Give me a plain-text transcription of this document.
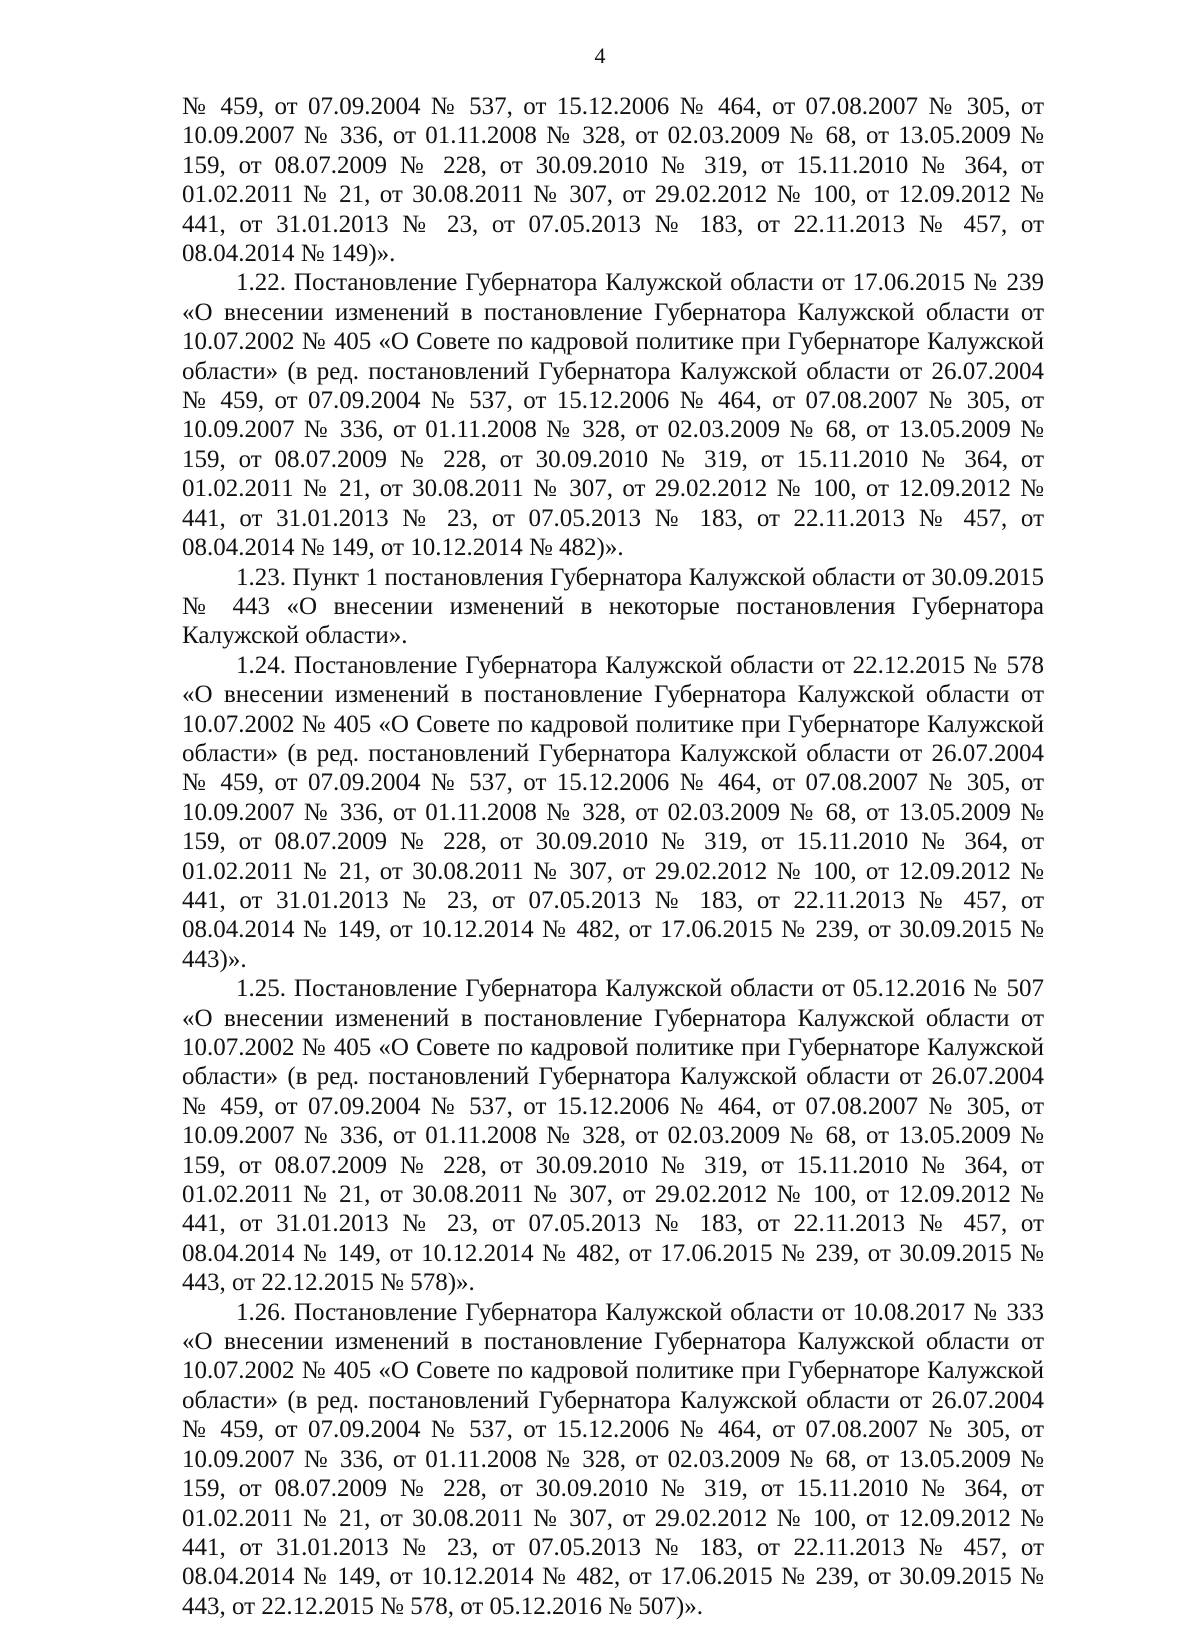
4

№ 459, от 07.09.2004 № 537, от 15.12.2006 № 464, от 07.08.2007 № 305, от 10.09.2007 № 336, от 01.11.2008 № 328, от 02.03.2009 № 68, от 13.05.2009 № 159, от 08.07.2009 № 228, от 30.09.2010 № 319, от 15.11.2010 № 364, от 01.02.2011 № 21, от 30.08.2011 № 307, от 29.02.2012 № 100, от 12.09.2012 № 441, от 31.01.2013 № 23, от 07.05.2013 № 183, от 22.11.2013 № 457, от 08.04.2014 № 149)».

1.22. Постановление Губернатора Калужской области от 17.06.2015 № 239 «О внесении изменений в постановление Губернатора Калужской области от 10.07.2002 № 405 «О Совете по кадровой политике при Губернаторе Калужской области» (в ред. постановлений Губернатора Калужской области от 26.07.2004 № 459, от 07.09.2004 № 537, от 15.12.2006 № 464, от 07.08.2007 № 305, от 10.09.2007 № 336, от 01.11.2008 № 328, от 02.03.2009 № 68, от 13.05.2009 № 159, от 08.07.2009 № 228, от 30.09.2010 № 319, от 15.11.2010 № 364, от 01.02.2011 № 21, от 30.08.2011 № 307, от 29.02.2012 № 100, от 12.09.2012 № 441, от 31.01.2013 № 23, от 07.05.2013 № 183, от 22.11.2013 № 457, от 08.04.2014 № 149, от 10.12.2014 № 482)».

1.23. Пункт 1 постановления Губернатора Калужской области от 30.09.2015 № 443 «О внесении изменений в некоторые постановления Губернатора Калужской области».

1.24. Постановление Губернатора Калужской области от 22.12.2015 № 578 «О внесении изменений в постановление Губернатора Калужской области от 10.07.2002 № 405 «О Совете по кадровой политике при Губернаторе Калужской области» (в ред. постановлений Губернатора Калужской области от 26.07.2004 № 459, от 07.09.2004 № 537, от 15.12.2006 № 464, от 07.08.2007 № 305, от 10.09.2007 № 336, от 01.11.2008 № 328, от 02.03.2009 № 68, от 13.05.2009 № 159, от 08.07.2009 № 228, от 30.09.2010 № 319, от 15.11.2010 № 364, от 01.02.2011 № 21, от 30.08.2011 № 307, от 29.02.2012 № 100, от 12.09.2012 № 441, от 31.01.2013 № 23, от 07.05.2013 № 183, от 22.11.2013 № 457, от 08.04.2014 № 149, от 10.12.2014 № 482, от 17.06.2015 № 239, от 30.09.2015 № 443)».

1.25. Постановление Губернатора Калужской области от 05.12.2016 № 507 «О внесении изменений в постановление Губернатора Калужской области от 10.07.2002 № 405 «О Совете по кадровой политике при Губернаторе Калужской области» (в ред. постановлений Губернатора Калужской области от 26.07.2004 № 459, от 07.09.2004 № 537, от 15.12.2006 № 464, от 07.08.2007 № 305, от 10.09.2007 № 336, от 01.11.2008 № 328, от 02.03.2009 № 68, от 13.05.2009 № 159, от 08.07.2009 № 228, от 30.09.2010 № 319, от 15.11.2010 № 364, от 01.02.2011 № 21, от 30.08.2011 № 307, от 29.02.2012 № 100, от 12.09.2012 № 441, от 31.01.2013 № 23, от 07.05.2013 № 183, от 22.11.2013 № 457, от 08.04.2014 № 149, от 10.12.2014 № 482, от 17.06.2015 № 239, от 30.09.2015 № 443, от 22.12.2015 № 578)».

1.26. Постановление Губернатора Калужской области от 10.08.2017 № 333 «О внесении изменений в постановление Губернатора Калужской области от 10.07.2002 № 405 «О Совете по кадровой политике при Губернаторе Калужской области» (в ред. постановлений Губернатора Калужской области от 26.07.2004 № 459, от 07.09.2004 № 537, от 15.12.2006 № 464, от 07.08.2007 № 305, от 10.09.2007 № 336, от 01.11.2008 № 328, от 02.03.2009 № 68, от 13.05.2009 № 159, от 08.07.2009 № 228, от 30.09.2010 № 319, от 15.11.2010 № 364, от 01.02.2011 № 21, от 30.08.2011 № 307, от 29.02.2012 № 100, от 12.09.2012 № 441, от 31.01.2013 № 23, от 07.05.2013 № 183, от 22.11.2013 № 457, от 08.04.2014 № 149, от 10.12.2014 № 482, от 17.06.2015 № 239, от 30.09.2015 № 443, от 22.12.2015 № 578, от 05.12.2016 № 507)».
